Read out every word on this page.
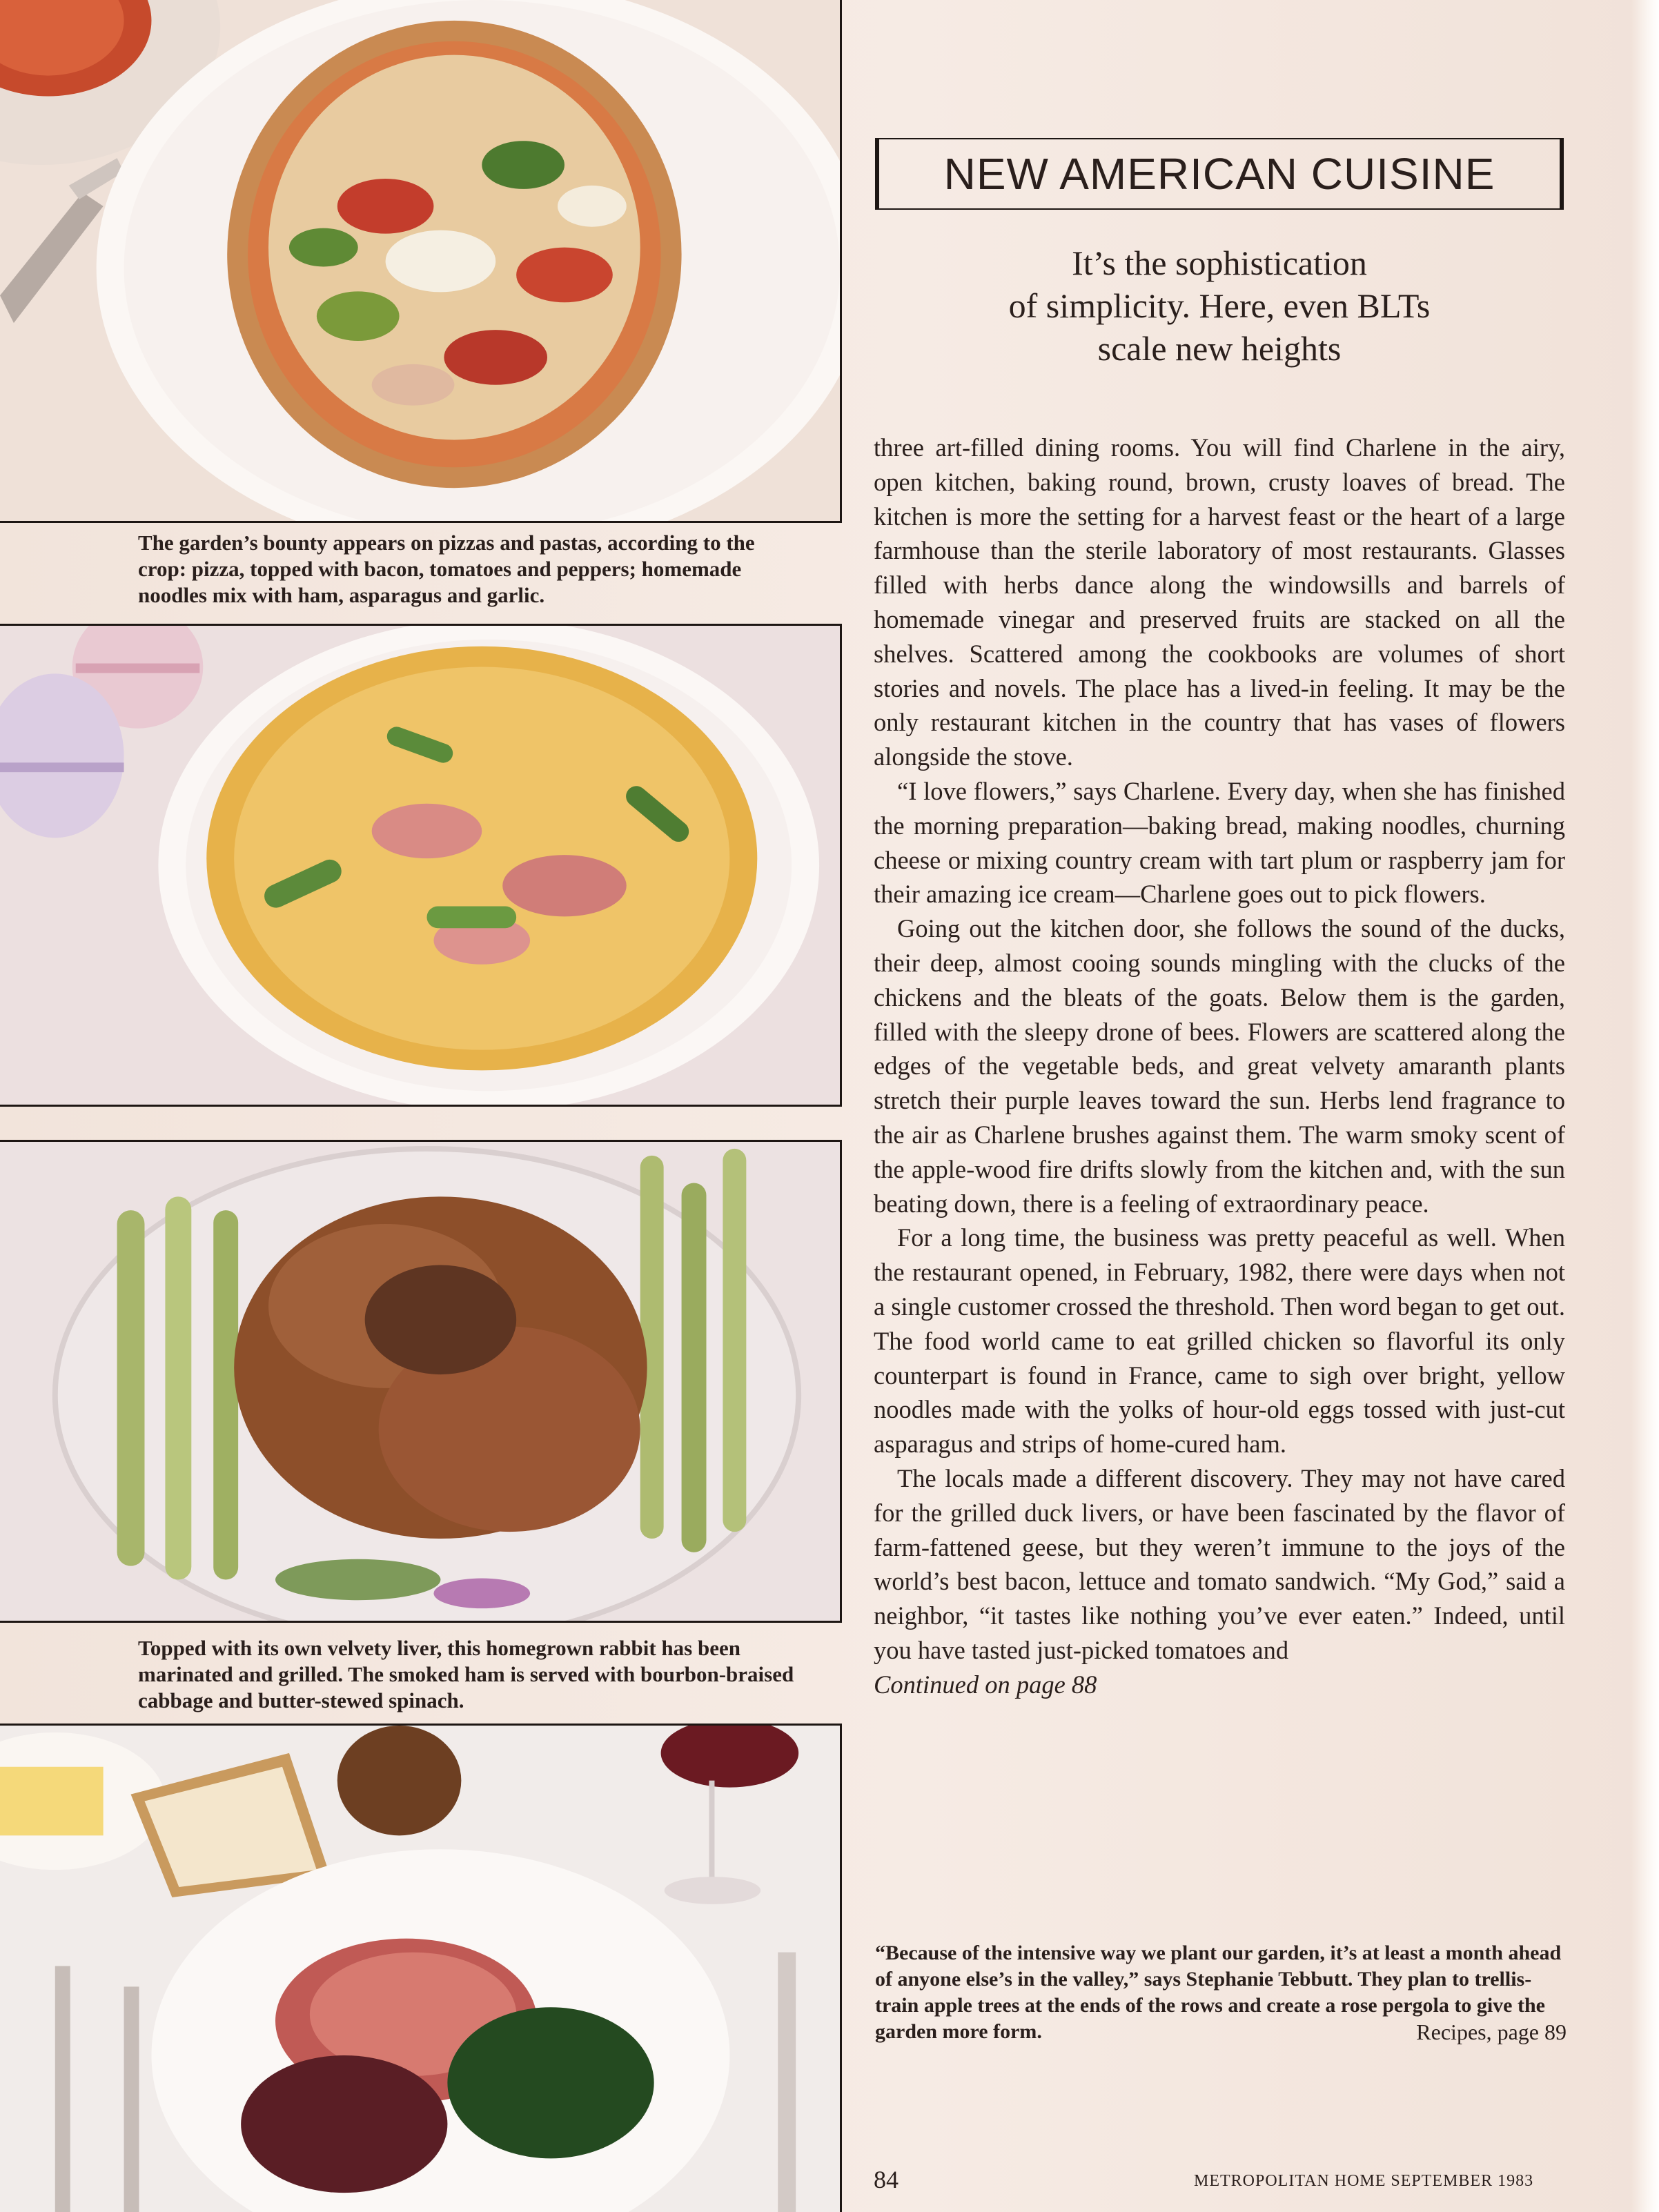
The garden’s bounty appears on pizzas and pastas, according to the crop: pizza, topped with bacon, tomatoes and peppers; homemade noodles mix with ham, asparagus and garlic.
Topped with its own velvety liver, this homegrown rabbit has been marinated and grilled. The smoked ham is served with bourbon-braised cabbage and butter-stewed spinach.
NEW AMERICAN CUISINE
It’s the sophistication
of simplicity. Here, even BLTs
scale new heights

three art-filled dining rooms. You will find Charlene in the airy, open kitchen, baking round, brown, crusty loaves of bread. The kitchen is more the setting for a harvest feast or the heart of a large farmhouse than the sterile laboratory of most restaurants. Glasses filled with herbs dance along the windowsills and barrels of homemade vinegar and preserved fruits are stacked on all the shelves. Scattered among the cookbooks are volumes of short stories and novels. The place has a lived-in feeling. It may be the only restaurant kitchen in the country that has vases of flowers alongside the stove.

“I love flowers,” says Charlene. Every day, when she has finished the morning preparation—baking bread, making noodles, churning cheese or mixing country cream with tart plum or raspberry jam for their amazing ice cream—Charlene goes out to pick flowers.

Going out the kitchen door, she follows the sound of the ducks, their deep, almost cooing sounds mingling with the clucks of the chickens and the bleats of the goats. Below them is the garden, filled with the sleepy drone of bees. Flowers are scattered along the edges of the vegetable beds, and great velvety amaranth plants stretch their purple leaves toward the sun. Herbs lend fragrance to the air as Charlene brushes against them. The warm smoky scent of the apple-wood fire drifts slowly from the kitchen and, with the sun beating down, there is a feeling of extraordinary peace.

For a long time, the business was pretty peaceful as well. When the restaurant opened, in February, 1982, there were days when not a single customer crossed the threshold. Then word began to get out. The food world came to eat grilled chicken so flavorful its only counterpart is found in France, came to sigh over bright, yellow noodles made with the yolks of hour-old eggs tossed with just-cut asparagus and strips of home-cured ham.

The locals made a different discovery. They may not have cared for the grilled duck livers, or have been fascinated by the flavor of farm-fattened geese, but they weren’t immune to the joys of the world’s best bacon, lettuce and tomato sandwich. “My God,” said a neighbor, “it tastes like nothing you’ve ever eaten.” Indeed, until you have tasted just-picked tomatoes and

Continued on page 88

“Because of the intensive way we plant our garden, it’s at least a month ahead of anyone else’s in the valley,” says Stephanie Tebbutt. They plan to trellis-train apple trees at the ends of the rows and create a rose pergola to give the garden more form.	Recipes, page 89
84	METROPOLITAN HOME SEPTEMBER 1983
